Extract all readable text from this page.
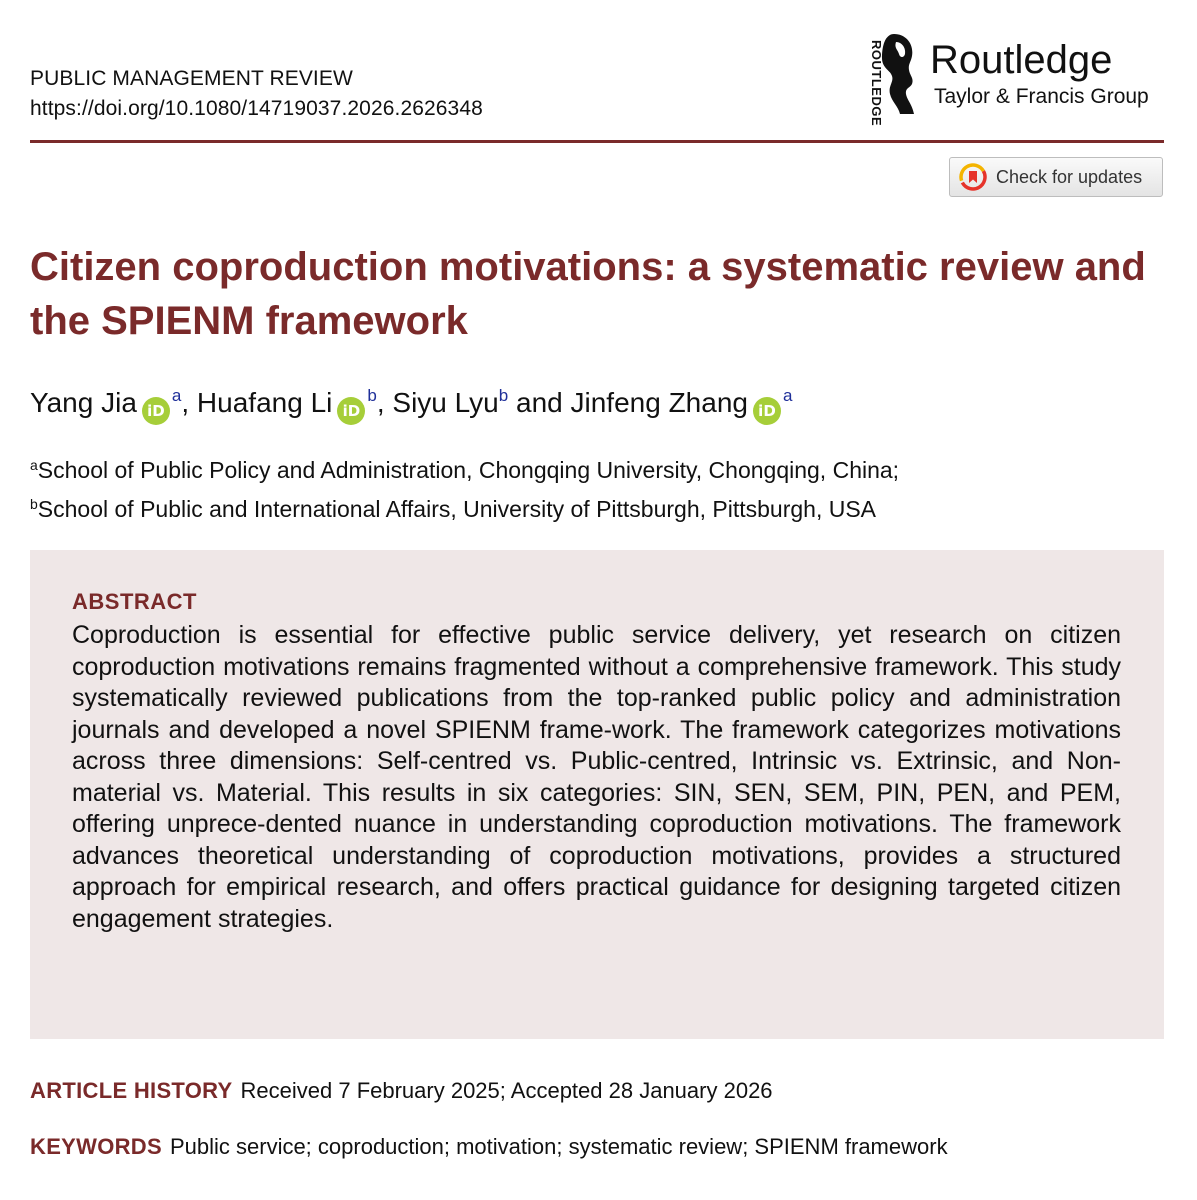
PUBLIC MANAGEMENT REVIEW
https://doi.org/10.1080/14719037.2026.2626348	ROUTLEDGE Routledge
Taylor & Francis Group
Check for updates
Citizen coproduction motivations: a systematic review and the SPIENM framework
Yang Jia $iD^a$, Huafang Li $iD^b$, Siyu Lyu$^b$ and Jinfeng Zhang $iD^a$
$^a$School of Public Policy and Administration, Chongqing University, Chongqing, China;
$^b$School of Public and International Affairs, University of Pittsburgh, Pittsburgh, USA
ABSTRACT
Coproduction is essential for effective public service delivery, yet research on citizen coproduction motivations remains fragmented without a comprehensive framework. This study systematically reviewed publications from the top-ranked public policy and administration journals and developed a novel SPIENM frame-work. The framework categorizes motivations across three dimensions: Self-centred vs. Public-centred, Intrinsic vs. Extrinsic, and Non-material vs. Material. This results in six categories: SIN, SEN, SEM, PIN, PEN, and PEM, offering unprece-dented nuance in understanding coproduction motivations. The framework advances theoretical understanding of coproduction motivations, provides a structured approach for empirical research, and offers practical guidance for designing targeted citizen engagement strategies.
ARTICLE HISTORY Received 7 February 2025; Accepted 28 January 2026
KEYWORDS Public service; coproduction; motivation; systematic review; SPIENM framework
